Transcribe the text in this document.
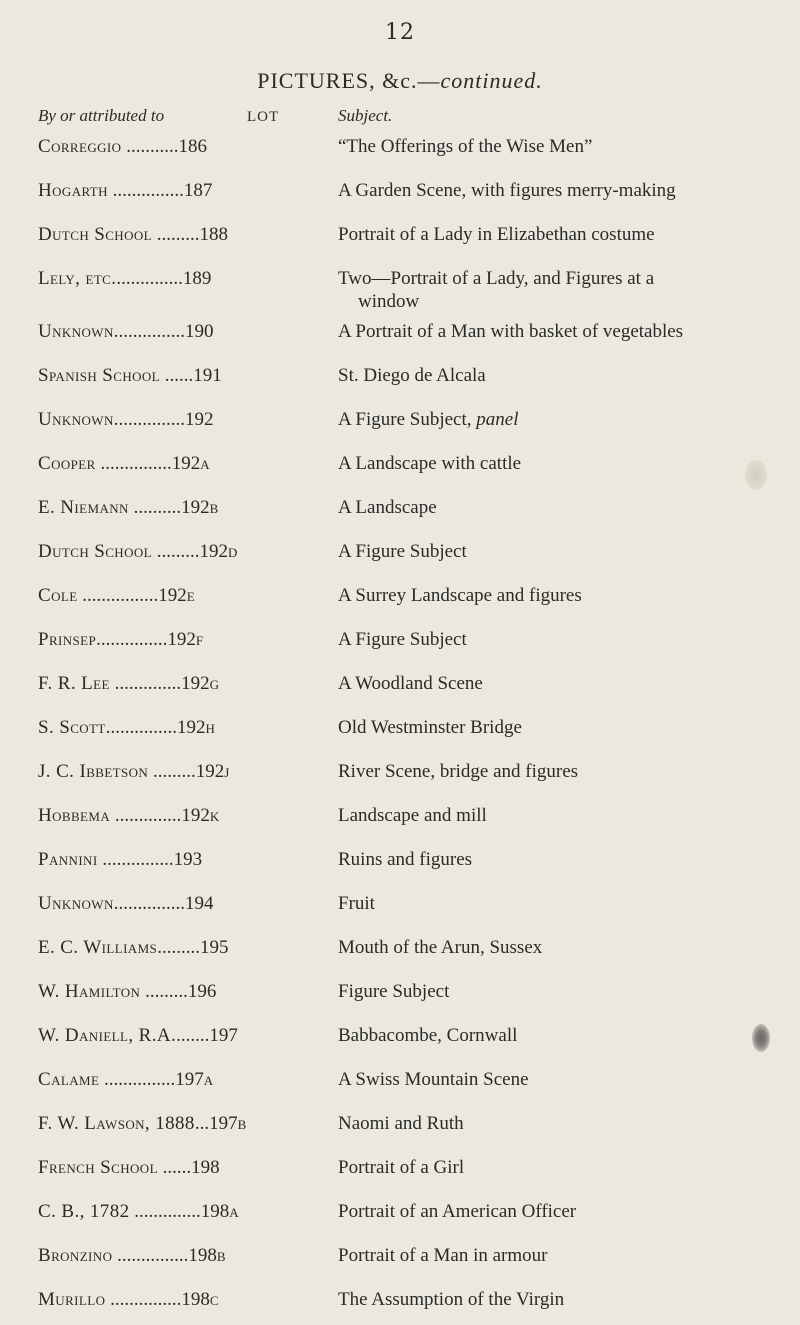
12
PICTURES, &c.—continued.
By or attributed to	LOT	Subject.
Correggio ...........186	“The Offerings of the Wise Men”
Hogarth ...............187	A Garden Scene, with figures merry-making
Dutch School .........188	Portrait of a Lady in Elizabethan costume
Lely, etc...............189	Two—Portrait of a Lady, and Figures at a
window
Unknown...............190	A Portrait of a Man with basket of vegetables
Spanish School ......191	St. Diego de Alcala
Unknown...............192	A Figure Subject, panel
Cooper ...............192a	A Landscape with cattle
E. Niemann ..........192b	A Landscape
Dutch School .........192d	A Figure Subject
Cole ................192e	A Surrey Landscape and figures
Prinsep...............192f	A Figure Subject
F. R. Lee ..............192g	A Woodland Scene
S. Scott...............192h	Old Westminster Bridge
J. C. Ibbetson .........192j	River Scene, bridge and figures
Hobbema ..............192k	Landscape and mill
Pannini ...............193	Ruins and figures
Unknown...............194	Fruit
E. C. Williams.........195	Mouth of the Arun, Sussex
W. Hamilton .........196	Figure Subject
W. Daniell, R.A........197	Babbacombe, Cornwall
Calame ...............197a	A Swiss Mountain Scene
F. W. Lawson, 1888...197b	Naomi and Ruth
French School ......198	Portrait of a Girl
C. B., 1782 ..............198a	Portrait of an American Officer
Bronzino ...............198b	Portrait of a Man in armour
Murillo ...............198c	The Assumption of the Virgin
